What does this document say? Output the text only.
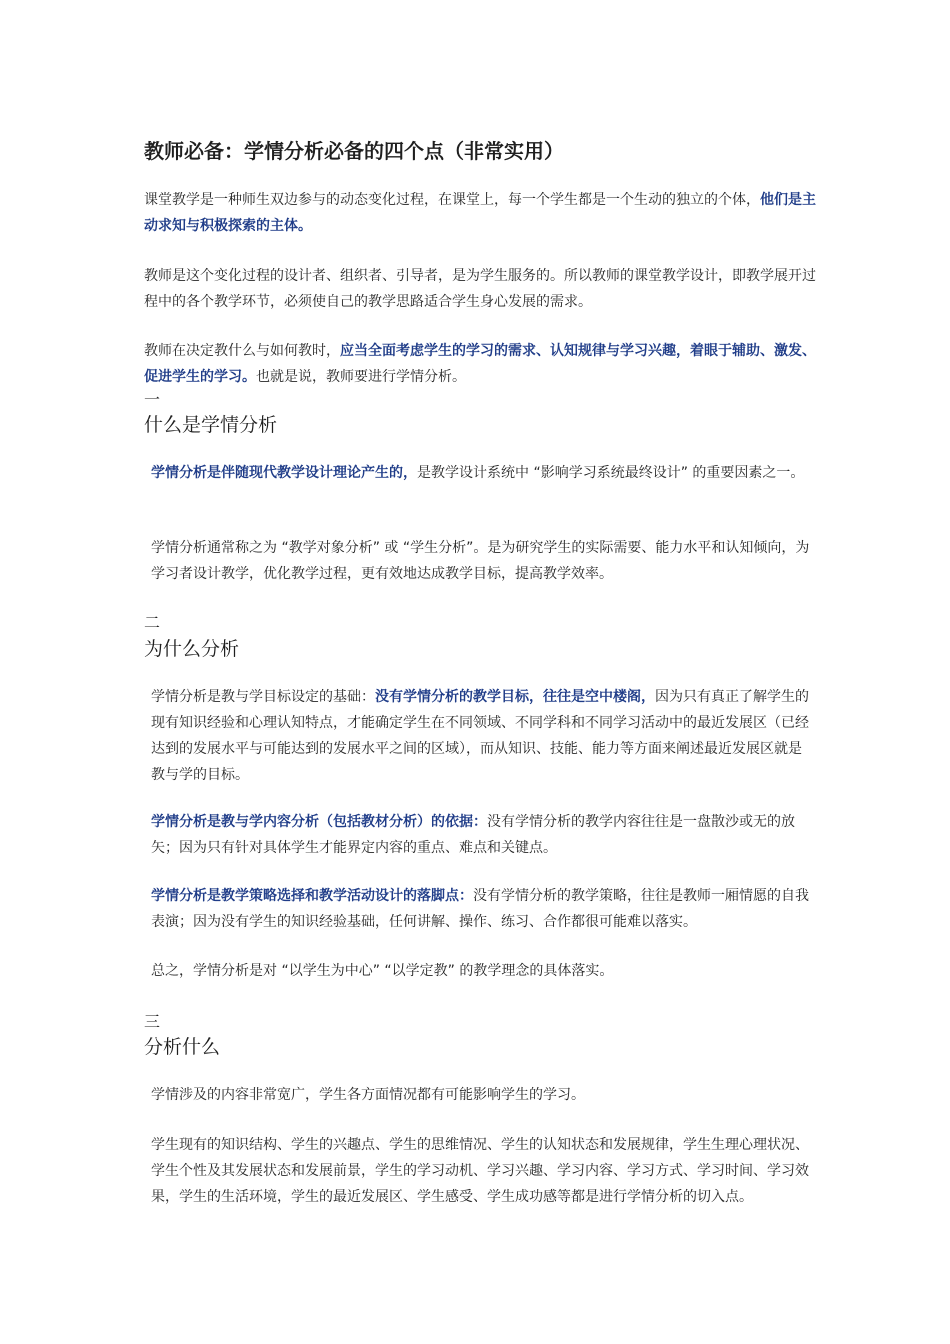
教师必备：学情分析必备的四个点（非常实用）
课堂教学是一种师生双边参与的动态变化过程，在课堂上，每一个学生都是一个生动的独立的个体，他们是主动求知与积极探索的主体。
教师是这个变化过程的设计者、组织者、引导者，是为学生服务的。所以教师的课堂教学设计，即教学展开过程中的各个教学环节，必须使自己的教学思路适合学生身心发展的需求。
教师在决定教什么与如何教时，应当全面考虑学生的学习的需求、认知规律与学习兴趣，着眼于辅助、激发、促进学生的学习。也就是说，教师要进行学情分析。
一
什么是学情分析
学情分析是伴随现代教学设计理论产生的，是教学设计系统中 “影响学习系统最终设计” 的重要因素之一。
学情分析通常称之为 “教学对象分析” 或 “学生分析”。是为研究学生的实际需要、能力水平和认知倾向，为学习者设计教学，优化教学过程，更有效地达成教学目标，提高教学效率。
二
为什么分析
学情分析是教与学目标设定的基础：没有学情分析的教学目标，往往是空中楼阁，因为只有真正了解学生的现有知识经验和心理认知特点，才能确定学生在不同领域、不同学科和不同学习活动中的最近发展区（已经达到的发展水平与可能达到的发展水平之间的区域），而从知识、技能、能力等方面来阐述最近发展区就是教与学的目标。
学情分析是教与学内容分析（包括教材分析）的依据：没有学情分析的教学内容往往是一盘散沙或无的放矢；因为只有针对具体学生才能界定内容的重点、难点和关键点。
学情分析是教学策略选择和教学活动设计的落脚点：没有学情分析的教学策略，往往是教师一厢情愿的自我表演；因为没有学生的知识经验基础，任何讲解、操作、练习、合作都很可能难以落实。
总之，学情分析是对 “以学生为中心” “以学定教” 的教学理念的具体落实。
三
分析什么
学情涉及的内容非常宽广，学生各方面情况都有可能影响学生的学习。
学生现有的知识结构、学生的兴趣点、学生的思维情况、学生的认知状态和发展规律，学生生理心理状况、学生个性及其发展状态和发展前景，学生的学习动机、学习兴趣、学习内容、学习方式、学习时间、学习效果，学生的生活环境，学生的最近发展区、学生感受、学生成功感等都是进行学情分析的切入点。
